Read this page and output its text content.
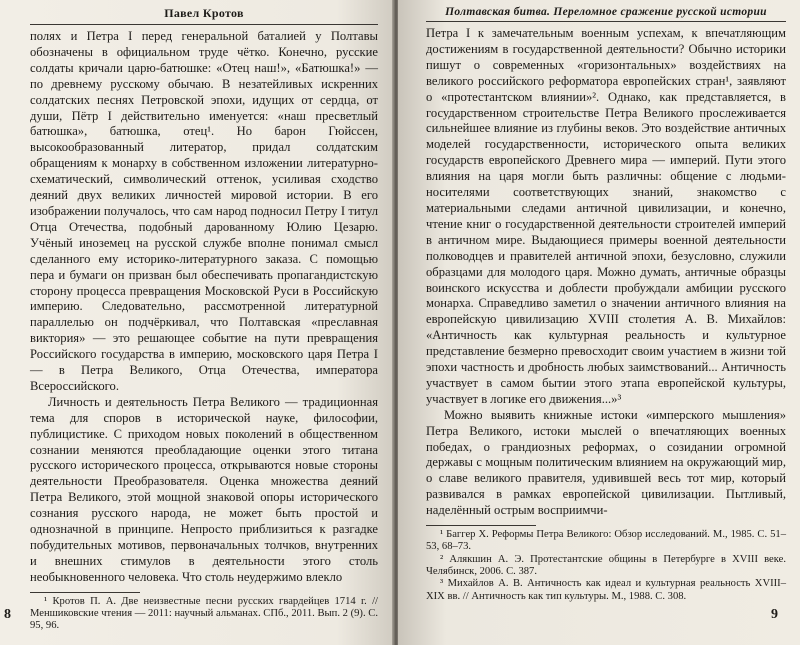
Павел Кротов

полях и Петра I перед генеральной баталией у Полтавы обозначены в официальном труде чётко. Конечно, русские солдаты кричали царю-батюшке: «Отец наш!», «Батюшка!» — по древнему русскому обычаю. В незатейливых искренних солдатских песнях Петровской эпохи, идущих от сердца, от души, Пётр I действительно именуется: «наш пресветлый батюшка», батюшка, отец¹. Но барон Гюйссен, высокообразованный литератор, придал солдатским обращениям к монарху в собственном изложении литературно-схематический, символический оттенок, усиливая сходство деяний двух великих личностей мировой истории. В его изображении получалось, что сам народ подносил Петру I титул Отца Отечества, подобный дарованному Юлию Цезарю. Учёный иноземец на русской службе вполне понимал смысл сделанного ему историко-литературного заказа. С помощью пера и бумаги он призван был обеспечивать пропагандистскую сторону процесса превращения Московской Руси в Российскую империю. Следовательно, рассмотренной литературной параллелью он подчёркивал, что Полтавская «преславная виктория» — это решающее событие на пути превращения Российского государства в империю, московского царя Петра I — в Петра Великого, Отца Отечества, императора Всероссийского.

Личность и деятельность Петра Великого — традиционная тема для споров в исторической науке, философии, публицистике. С приходом новых поколений в общественном сознании меняются преобладающие оценки этого титана русского исторического процесса, открываются новые стороны деятельности Преобразователя. Оценка множества деяний Петра Великого, этой мощной знаковой опоры исторического сознания русского народа, не может быть простой и однозначной в принципе. Непросто приблизиться к разгадке побудительных мотивов, первоначальных толчков, внутренних и внешних стимулов в деятельности этого столь необыкновенного человека. Что столь неудержимо влекло

¹ Кротов П. А. Две неизвестные песни русских гвардейцев 1714 г. // Меншиковские чтения — 2011: научный альманах. СПб., 2011. Вып. 2 (9). С. 95, 96.

8
Полтавская битва. Переломное сражение русской истории

Петра I к замечательным военным успехам, к впечатляющим достижениям в государственной деятельности? Обычно историки пишут о современных «горизонтальных» воздействиях на великого российского реформатора европейских стран¹, заявляют о «протестантском влиянии»². Однако, как представляется, в государственном строительстве Петра Великого прослеживается сильнейшее влияние из глубины веков. Это воздействие античных моделей государственности, исторического опыта великих государств европейского Древнего мира — империй. Пути этого влияния на царя могли быть различны: общение с людьми-носителями соответствующих знаний, знакомство с материальными следами античной цивилизации, и конечно, чтение книг о государственной деятельности строителей империй в античном мире. Выдающиеся примеры военной деятельности полководцев и правителей античной эпохи, безусловно, служили образцами для молодого царя. Можно думать, античные образцы воинского искусства и доблести пробуждали амбиции русского монарха. Справедливо заметил о значении античного влияния на европейскую цивилизацию XVIII столетия А. В. Михайлов: «Античность как культурная реальность и культурное представление безмерно превосходит своим участием в жизни той эпохи частность и дробность любых заимствований... Античность участвует в самом бытии этого этапа европейской культуры, участвует в логике его движения...»³

Можно выявить книжные истоки «имперского мышления» Петра Великого, истоки мыслей о впечатляющих военных победах, о грандиозных реформах, о созидании огромной державы с мощным политическим влиянием на окружающий мир, о славе великого правителя, удивившей весь тот мир, который развивался в рамках европейской цивилизации. Пытливый, наделённый острым восприимчи-

¹ Баггер Х. Реформы Петра Великого: Обзор исследований. М., 1985. С. 51–53, 68–73.

² Алякшин А. Э. Протестантские общины в Петербурге в XVIII веке. Челябинск, 2006. С. 387.

³ Михайлов А. В. Античность как идеал и культурная реальность XVIII–XIX вв. // Античность как тип культуры. М., 1988. С. 308.

9
